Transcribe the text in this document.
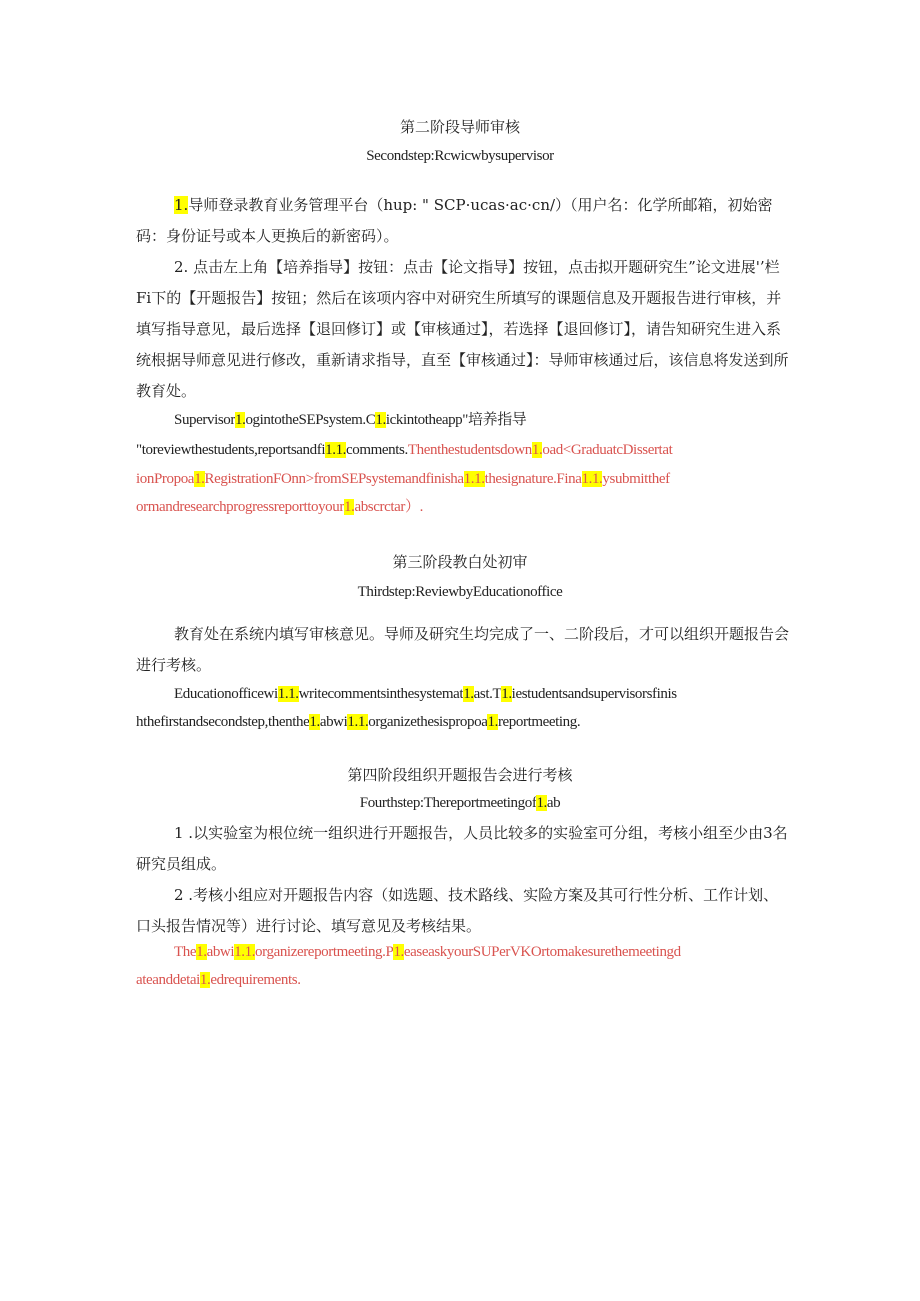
第二阶段导师审核
Secondstep:Rcwicwbysupervisor
1.导师登录教育业务管理平台（hup: " SCP·ucas·ac·cn/）（用户名：化学所邮箱，初始密码：身份证号或本人更换后的新密码）。
2. 点击左上角【培养指导】按钮：点击【论文指导】按钮，点击拟开题研究生”论文进展'’栏Fi下的【开题报告】按钮；然后在该项内容中对研究生所填写的课题信息及开题报告进行审核，并填写指导意见，最后选择【退回修订】或【审核通过】，若选择【退回修订】，请告知研究生进入系统根据导师意见进行修改，重新请求指导，直至【审核通过】：导师审核通过后，该信息将发送到所教育处。
Supervisor1.ogintotheSEPsystem.C1.ickintotheapp"培养指导
"toreviewthestudents,reportsandfi1.1.comments.Thenthestudentsdown1.oad<GraduatcDissertat
ionPropoa1.RegistrationFOnn>fromSEPsystemandfinisha1.1.thesignature.Fina1.1.ysubmitthef
ormandresearchprogressreporttoyour1.abscrctar）.
第三阶段教白处初审
Thirdstep:ReviewbyEducationoffice
教育处在系统内填写审核意见。导师及研究生均完成了一、二阶段后，才可以组织开题报告会进行考核。
Educationofficewi1.1.writecommentsinthesystemat1.ast.T1.iestudentsandsupervisorsfinis
hthefirstandsecondstep,thenthe1.abwi1.1.organizethesispropoa1.reportmeeting.
第四阶段组织开题报告会进行考核
Fourthstep:Thereportmeetingof1.ab
1 .以实验室为根位统一组织进行开题报告，人员比较多的实验室可分组，考核小组至少由3名研究员组成。
2 .考核小组应对开题报告内容（如选题、技术路线、实险方案及其可行性分析、工作计划、口头报告情况等）进行讨论、填写意见及考核结果。
The1.abwi1.1.organizereportmeeting.P1.easeaskyourSUPerVKOrtomakesurethemeetingd
ateanddetai1.edrequirements.
